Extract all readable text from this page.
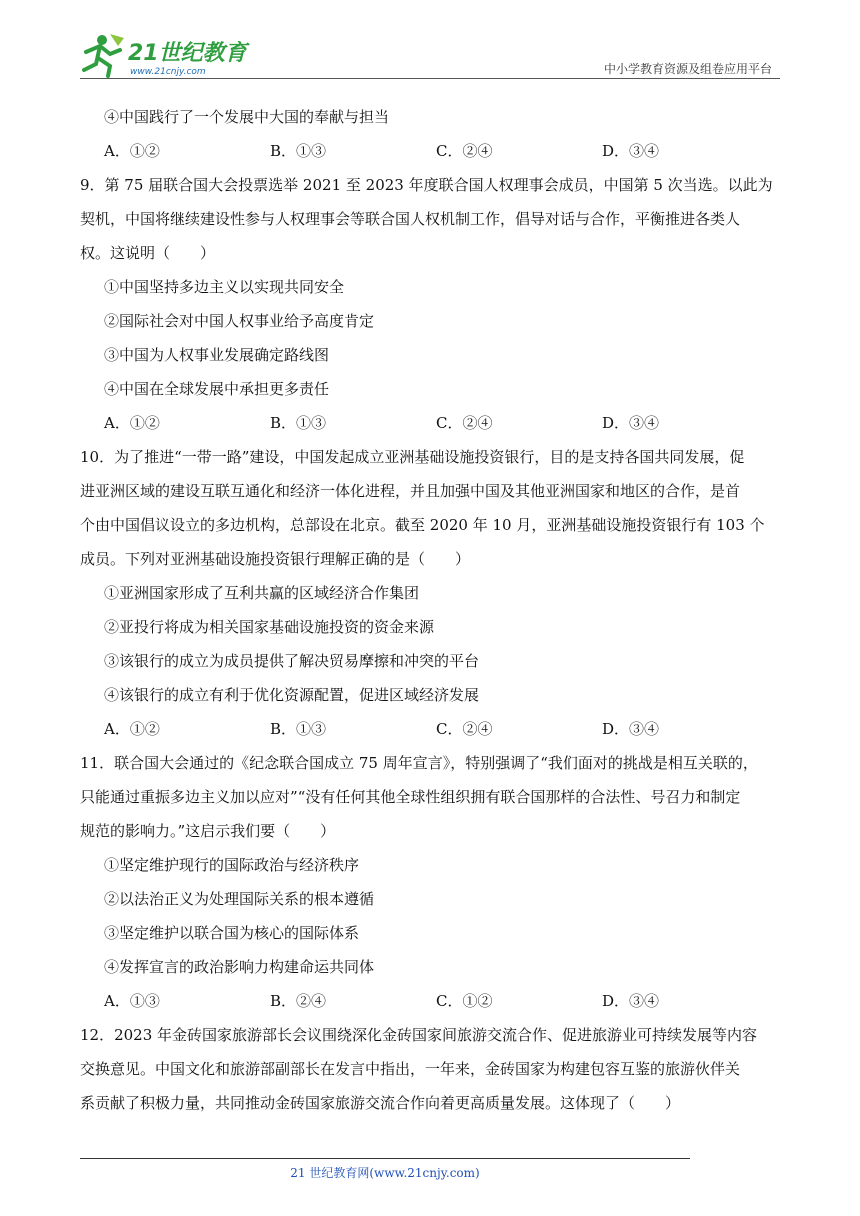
21世纪教育
www.21cnjy.com	中小学教育资源及组卷应用平台
④中国践行了一个发展中大国的奉献与担当
A．①②	B．①③	C．②④	D．③④
9．第 75 届联合国大会投票选举 2021 至 2023 年度联合国人权理事会成员，中国第 5 次当选。以此为
契机，中国将继续建设性参与人权理事会等联合国人权机制工作，倡导对话与合作，平衡推进各类人
权。这说明（　　）
①中国坚持多边主义以实现共同安全
②国际社会对中国人权事业给予高度肯定
③中国为人权事业发展确定路线图
④中国在全球发展中承担更多责任
A．①②	B．①③	C．②④	D．③④
10．为了推进“一带一路”建设，中国发起成立亚洲基础设施投资银行，目的是支持各国共同发展，促
进亚洲区域的建设互联互通化和经济一体化进程，并且加强中国及其他亚洲国家和地区的合作，是首
个由中国倡议设立的多边机构，总部设在北京。截至 2020 年 10 月，亚洲基础设施投资银行有 103 个
成员。下列对亚洲基础设施投资银行理解正确的是（　　）
①亚洲国家形成了互利共赢的区域经济合作集团
②亚投行将成为相关国家基础设施投资的资金来源
③该银行的成立为成员提供了解决贸易摩擦和冲突的平台
④该银行的成立有利于优化资源配置，促进区域经济发展
A．①②	B．①③	C．②④	D．③④
11．联合国大会通过的《纪念联合国成立 75 周年宣言》，特别强调了“我们面对的挑战是相互关联的，
只能通过重振多边主义加以应对”“没有任何其他全球性组织拥有联合国那样的合法性、号召力和制定
规范的影响力。”这启示我们要（　　）
①坚定维护现行的国际政治与经济秩序
②以法治正义为处理国际关系的根本遵循
③坚定维护以联合国为核心的国际体系
④发挥宣言的政治影响力构建命运共同体
A．①③	B．②④	C．①②	D．③④
12．2023 年金砖国家旅游部长会议围绕深化金砖国家间旅游交流合作、促进旅游业可持续发展等内容
交换意见。中国文化和旅游部副部长在发言中指出，一年来，金砖国家为构建包容互鉴的旅游伙伴关
系贡献了积极力量，共同推动金砖国家旅游交流合作向着更高质量发展。这体现了（　　）
21 世纪教育网(www.21cnjy.com)
